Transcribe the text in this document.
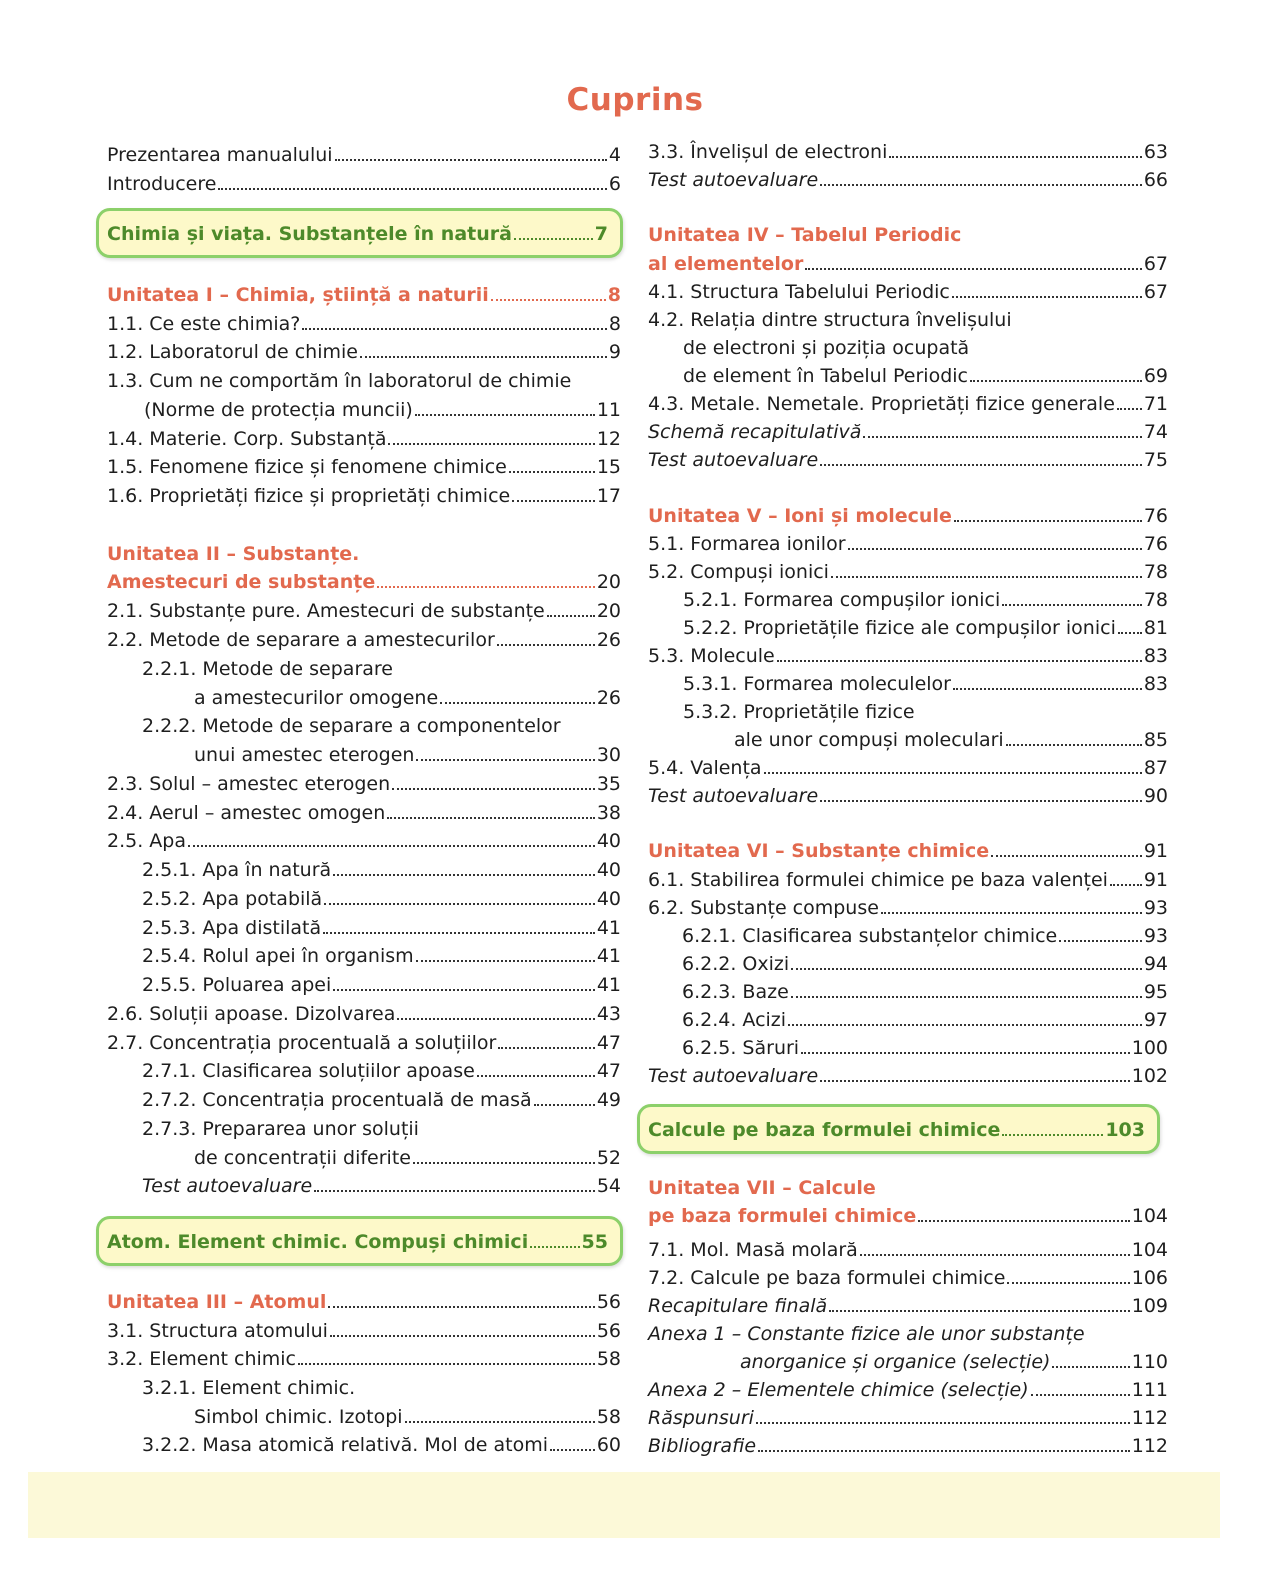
Cuprins
Prezentarea manualului	4
Introducere	6
Chimia și viața. Substanțele în natură	7
Unitatea I – Chimia, știință a naturii	8
1.1. Ce este chimia?	8
1.2. Laboratorul de chimie	9
1.3. Cum ne comportăm în laboratorul de chimie
(Norme de protecția muncii)	11
1.4. Materie. Corp. Substanță	12
1.5. Fenomene fizice și fenomene chimice	15
1.6. Proprietăți fizice și proprietăți chimice	17
Unitatea II – Substanțe.
Amestecuri de substanțe	20
2.1. Substanțe pure. Amestecuri de substanțe	20
2.2. Metode de separare a amestecurilor	26
2.2.1. Metode de separare
a amestecurilor omogene	26
2.2.2. Metode de separare a componentelor
unui amestec eterogen	30
2.3. Solul – amestec eterogen	35
2.4. Aerul – amestec omogen	38
2.5. Apa	40
2.5.1. Apa în natură	40
2.5.2. Apa potabilă	40
2.5.3. Apa distilată	41
2.5.4. Rolul apei în organism	41
2.5.5. Poluarea apei	41
2.6. Soluții apoase. Dizolvarea	43
2.7. Concentrația procentuală a soluțiilor	47
2.7.1. Clasificarea soluțiilor apoase	47
2.7.2. Concentrația procentuală de masă	49
2.7.3. Prepararea unor soluții
de concentrații diferite	52
Test autoevaluare	54
Atom. Element chimic. Compuși chimici	55
Unitatea III – Atomul	56
3.1. Structura atomului	56
3.2. Element chimic	58
3.2.1. Element chimic.
Simbol chimic. Izotopi	58
3.2.2. Masa atomică relativă. Mol de atomi	60
3.3. Învelișul de electroni	63
Test autoevaluare	66
Unitatea IV – Tabelul Periodic
al elementelor	67
4.1. Structura Tabelului Periodic	67
4.2. Relația dintre structura învelișului
de electroni și poziția ocupată
de element în Tabelul Periodic	69
4.3. Metale. Nemetale. Proprietăți fizice generale 71
Schemă recapitulativă	74
Test autoevaluare	75
Unitatea V – Ioni și molecule	76
5.1. Formarea ionilor	76
5.2. Compuși ionici	78
5.2.1. Formarea compușilor ionici	78
5.2.2. Proprietățile fizice ale compușilor ionici 81
5.3. Molecule	83
5.3.1. Formarea moleculelor	83
5.3.2. Proprietățile fizice
ale unor compuși moleculari	85
5.4. Valența	87
Test autoevaluare	90
Unitatea VI – Substanțe chimice	91
6.1. Stabilirea formulei chimice pe baza valenței 91
6.2. Substanțe compuse	93
6.2.1. Clasificarea substanțelor chimice	93
6.2.2. Oxizi	94
6.2.3. Baze	95
6.2.4. Acizi	97
6.2.5. Săruri	100
Test autoevaluare	102
Calcule pe baza formulei chimice	103
Unitatea VII – Calcule
pe baza formulei chimice	104
7.1. Mol. Masă molară	104
7.2. Calcule pe baza formulei chimice	106
Recapitulare finală	109
Anexa 1 – Constante fizice ale unor substanțe
anorganice și organice (selecție)	110
Anexa 2 – Elementele chimice (selecție)	111
Răspunsuri	112
Bibliografie	112
